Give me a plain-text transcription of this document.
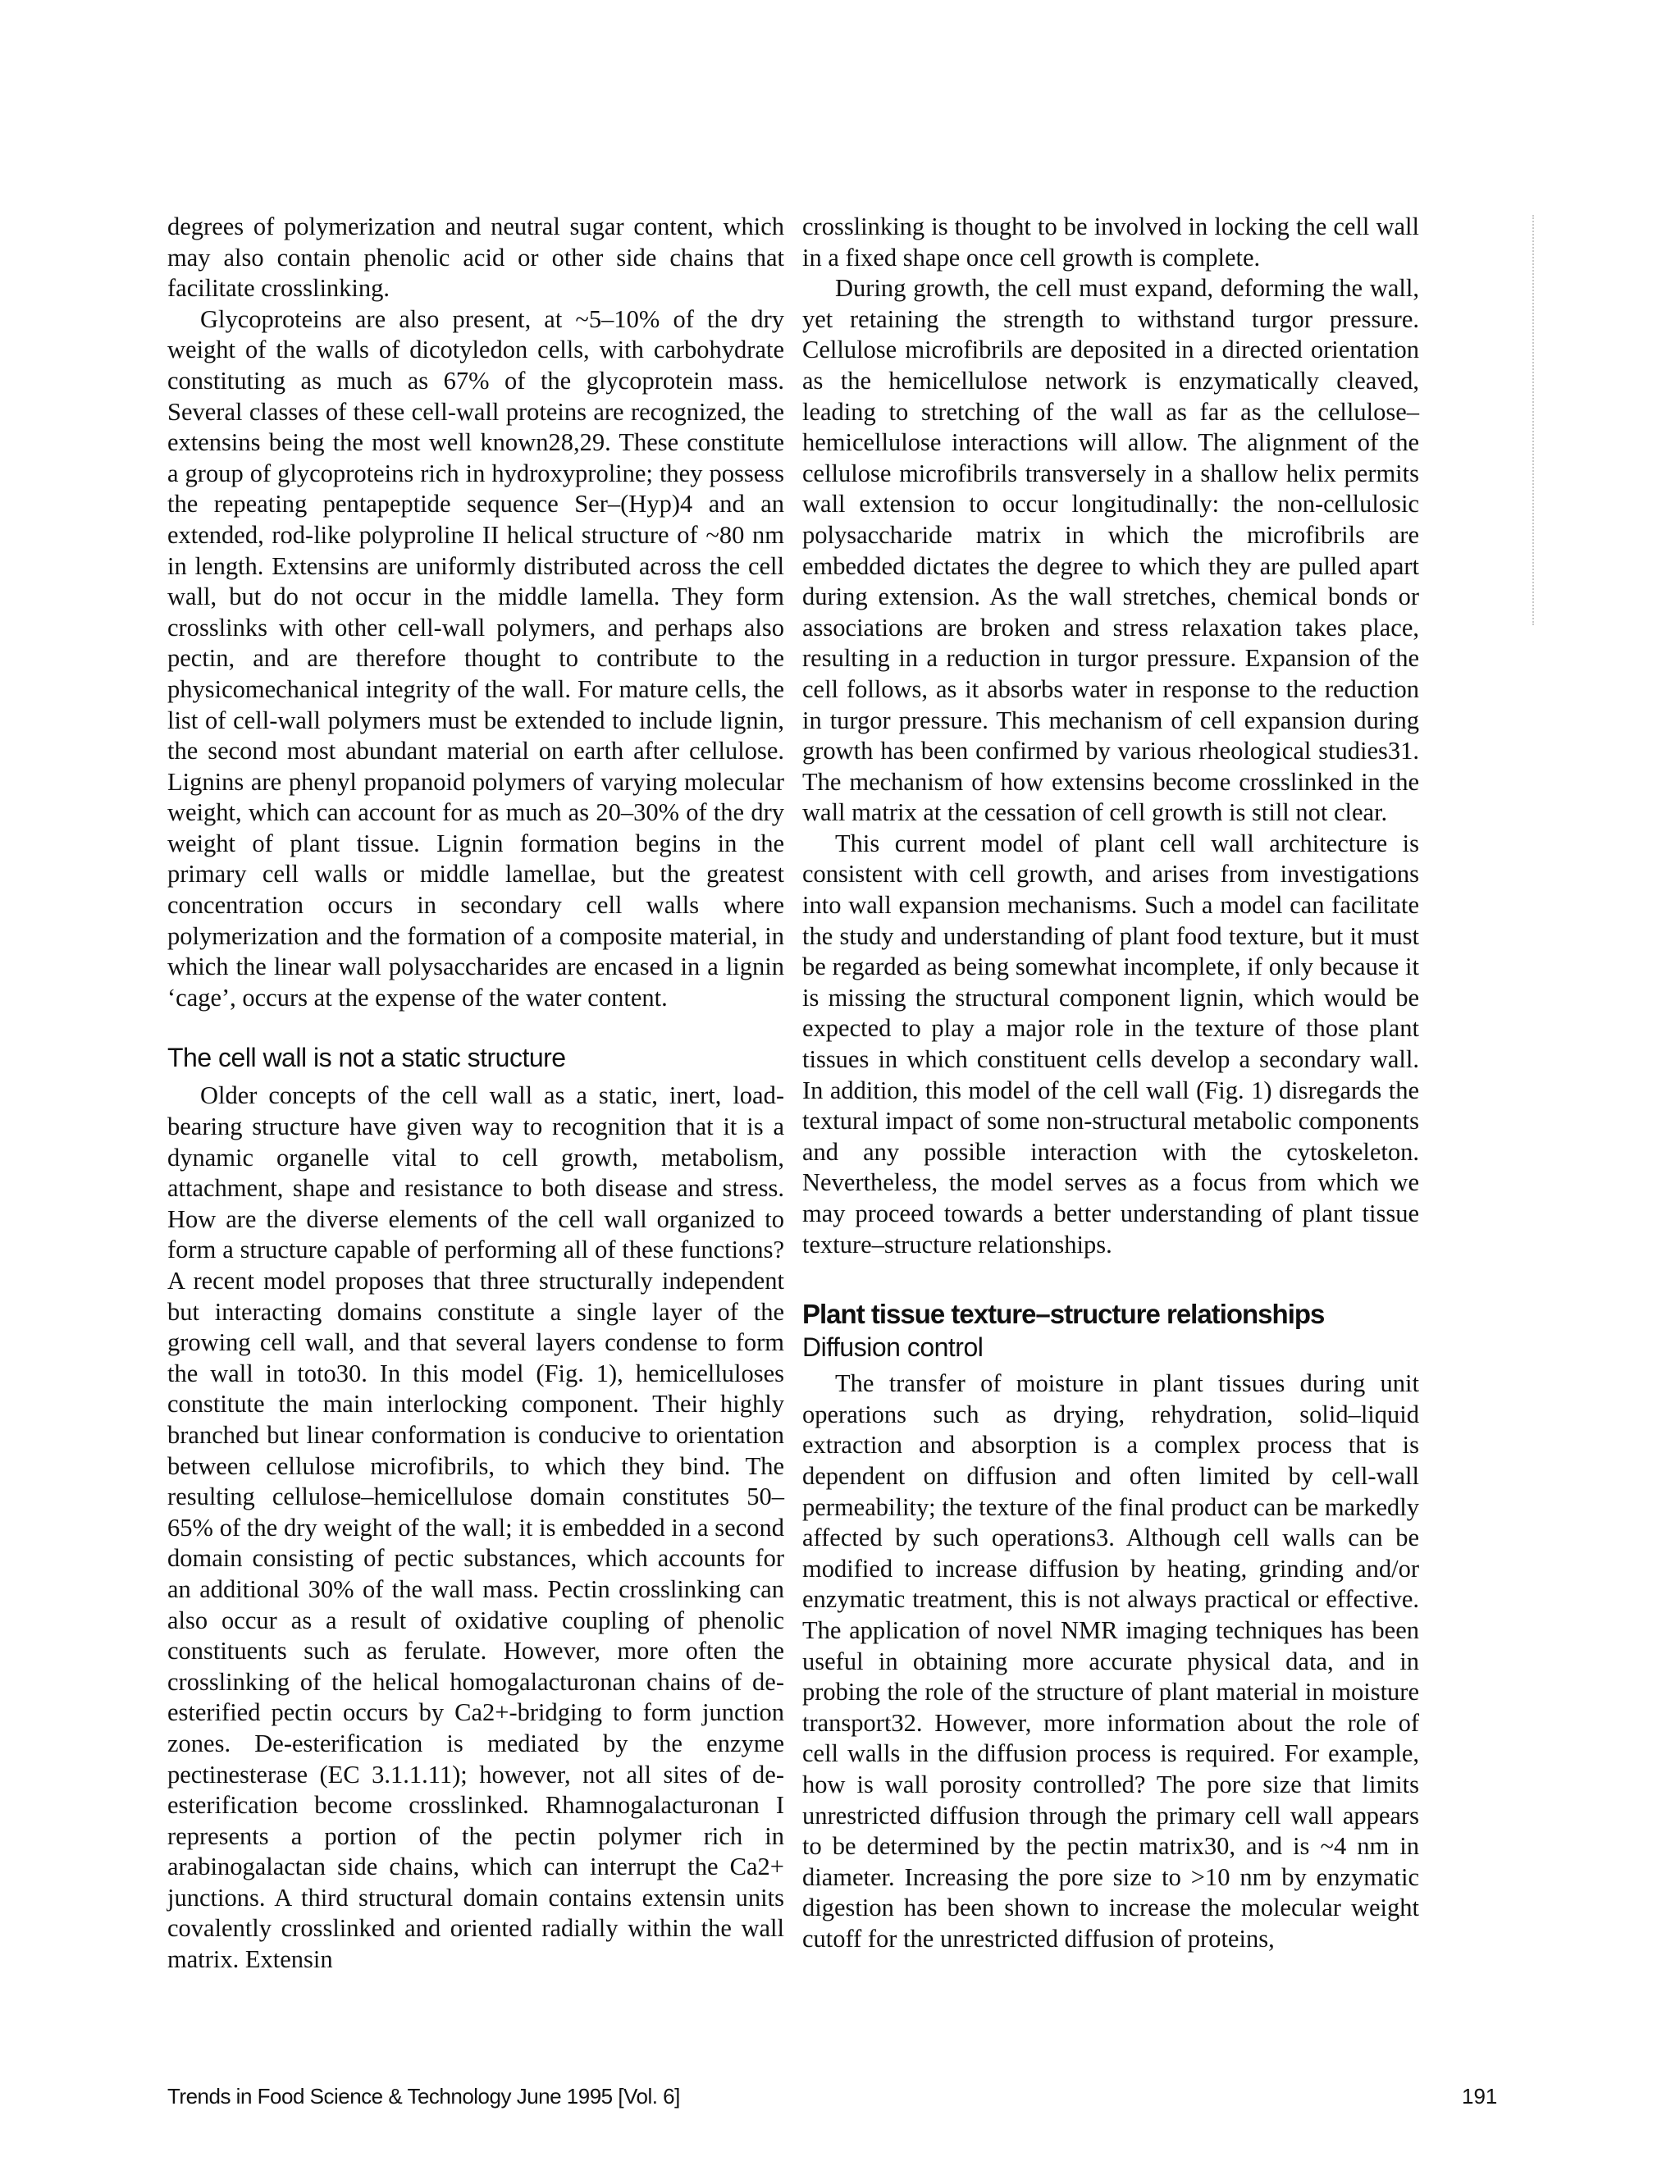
degrees of polymerization and neutral sugar content, which may also contain phenolic acid or other side chains that facilitate crosslinking.

Glycoproteins are also present, at ~5–10% of the dry weight of the walls of dicotyledon cells, with carbohydrate constituting as much as 67% of the glycoprotein mass. Several classes of these cell-wall proteins are recognized, the extensins being the most well known28,29. These constitute a group of glycoproteins rich in hydroxyproline; they possess the repeating pentapeptide sequence Ser–(Hyp)4 and an extended, rod-like polyproline II helical structure of ~80 nm in length. Extensins are uniformly distributed across the cell wall, but do not occur in the middle lamella. They form crosslinks with other cell-wall polymers, and perhaps also pectin, and are therefore thought to contribute to the physicomechanical integrity of the wall. For mature cells, the list of cell-wall polymers must be extended to include lignin, the second most abundant material on earth after cellulose. Lignins are phenyl propanoid polymers of varying molecular weight, which can account for as much as 20–30% of the dry weight of plant tissue. Lignin formation begins in the primary cell walls or middle lamellae, but the greatest concentration occurs in secondary cell walls where polymerization and the formation of a composite material, in which the linear wall polysaccharides are encased in a lignin ‘cage’, occurs at the expense of the water content.

The cell wall is not a static structure

Older concepts of the cell wall as a static, inert, load-bearing structure have given way to recognition that it is a dynamic organelle vital to cell growth, metabolism, attachment, shape and resistance to both disease and stress. How are the diverse elements of the cell wall organized to form a structure capable of performing all of these functions? A recent model proposes that three structurally independent but interacting domains constitute a single layer of the growing cell wall, and that several layers condense to form the wall in toto30. In this model (Fig. 1), hemicelluloses constitute the main interlocking component. Their highly branched but linear conformation is conducive to orientation between cellulose microfibrils, to which they bind. The resulting cellulose–hemicellulose domain constitutes 50–65% of the dry weight of the wall; it is embedded in a second domain consisting of pectic substances, which accounts for an additional 30% of the wall mass. Pectin crosslinking can also occur as a result of oxidative coupling of phenolic constituents such as ferulate. However, more often the crosslinking of the helical homogalacturonan chains of de-esterified pectin occurs by Ca2+-bridging to form junction zones. De-esterification is mediated by the enzyme pectinesterase (EC 3.1.1.11); however, not all sites of de-esterification become crosslinked. Rhamnogalacturonan I represents a portion of the pectin polymer rich in arabinogalactan side chains, which can interrupt the Ca2+ junctions. A third structural domain contains extensin units covalently crosslinked and oriented radially within the wall matrix. Extensin

crosslinking is thought to be involved in locking the cell wall in a fixed shape once cell growth is complete.

During growth, the cell must expand, deforming the wall, yet retaining the strength to withstand turgor pressure. Cellulose microfibrils are deposited in a directed orientation as the hemicellulose network is enzymatically cleaved, leading to stretching of the wall as far as the cellulose–hemicellulose interactions will allow. The alignment of the cellulose microfibrils transversely in a shallow helix permits wall extension to occur longitudinally: the non-cellulosic polysaccharide matrix in which the microfibrils are embedded dictates the degree to which they are pulled apart during extension. As the wall stretches, chemical bonds or associations are broken and stress relaxation takes place, resulting in a reduction in turgor pressure. Expansion of the cell follows, as it absorbs water in response to the reduction in turgor pressure. This mechanism of cell expansion during growth has been confirmed by various rheological studies31. The mechanism of how extensins become crosslinked in the wall matrix at the cessation of cell growth is still not clear.

This current model of plant cell wall architecture is consistent with cell growth, and arises from investigations into wall expansion mechanisms. Such a model can facilitate the study and understanding of plant food texture, but it must be regarded as being somewhat incomplete, if only because it is missing the structural component lignin, which would be expected to play a major role in the texture of those plant tissues in which constituent cells develop a secondary wall. In addition, this model of the cell wall (Fig. 1) disregards the textural impact of some non-structural metabolic components and any possible interaction with the cytoskeleton. Nevertheless, the model serves as a focus from which we may proceed towards a better understanding of plant tissue texture–structure relationships.

Plant tissue texture–structure relationships
Diffusion control

The transfer of moisture in plant tissues during unit operations such as drying, rehydration, solid–liquid extraction and absorption is a complex process that is dependent on diffusion and often limited by cell-wall permeability; the texture of the final product can be markedly affected by such operations3. Although cell walls can be modified to increase diffusion by heating, grinding and/or enzymatic treatment, this is not always practical or effective. The application of novel NMR imaging techniques has been useful in obtaining more accurate physical data, and in probing the role of the structure of plant material in moisture transport32. However, more information about the role of cell walls in the diffusion process is required. For example, how is wall porosity controlled? The pore size that limits unrestricted diffusion through the primary cell wall appears to be determined by the pectin matrix30, and is ~4 nm in diameter. Increasing the pore size to >10 nm by enzymatic digestion has been shown to increase the molecular weight cutoff for the unrestricted diffusion of proteins,

Trends in Food Science & Technology June 1995 [Vol. 6]	191
